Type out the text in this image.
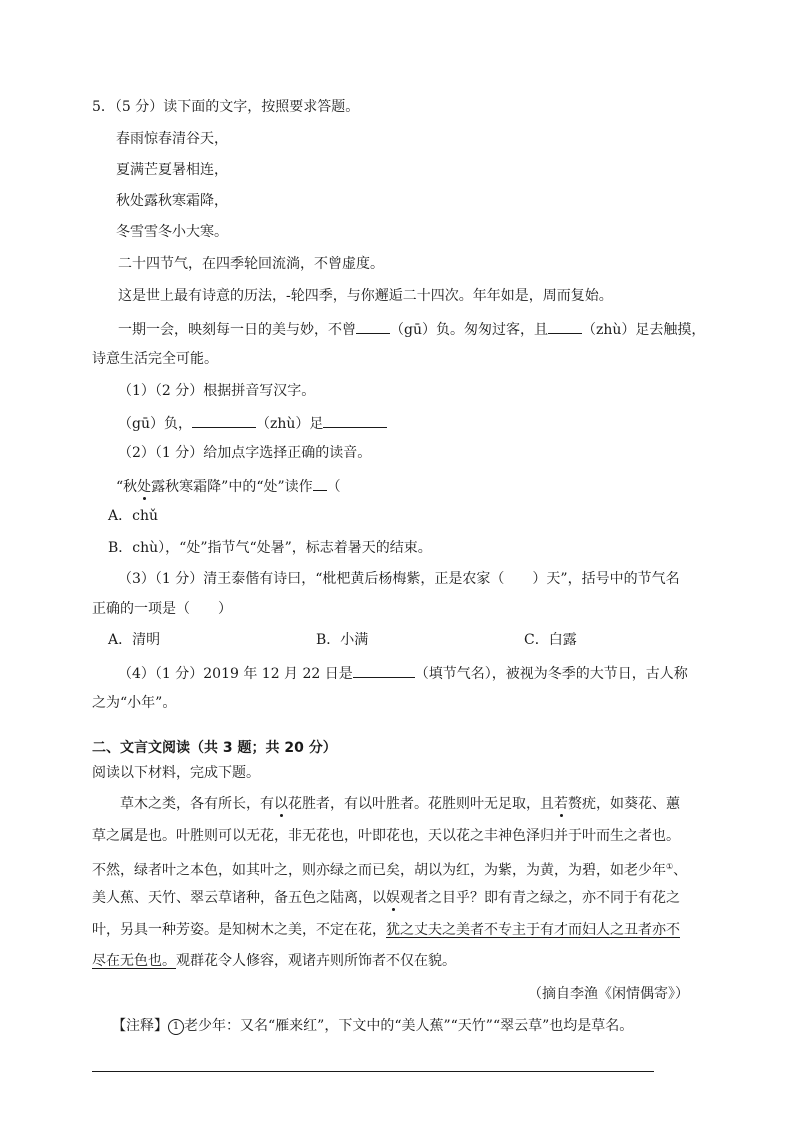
5．（5 分）读下面的文字，按照要求答题。
春雨惊春清谷天，
夏满芒夏暑相连，
秋处露秋寒霜降，
冬雪雪冬小大寒。
二十四节气，在四季轮回流淌，不曾虚度。
这是世上最有诗意的历法，-轮四季，与你邂逅二十四次。年年如是，周而复始。
一期一会，映刻每一日的美与妙，不曾 （gū）负。匆匆过客，且 （zhù）足去触摸，
诗意生活完全可能。
（1）（2 分）根据拼音写汉字。
（gū）负，	（zhù）足
（2）（1 分）给加点字选择正确的读音。
“秋处露秋寒霜降”中的“处”读作 （
A．chǔ
B．chù），“处”指节气“处暑”，标志着暑天的结束。
（3）（1 分）清王泰偕有诗曰，“枇杷黄后杨梅紫，正是农家（　　）天”，括号中的节气名
正确的一项是（　　）
A．清明	B．小满	C．白露
（4）（1 分）2019 年 12 月 22 日是	（填节气名），被视为冬季的大节日，古人称
之为“小年”。
二、文言文阅读（共 3 题；共 20 分）
阅读以下材料，完成下题。
草木之类，各有所长，有以花胜者，有以叶胜者。花胜则叶无足取，且若赘疣，如葵花、蕙
草之属是也。叶胜则可以无花，非无花也，叶即花也，天以花之丰神色泽归并于叶而生之者也。
不然，绿者叶之本色，如其叶之，则亦绿之而已矣，胡以为红，为紫，为黄，为碧，如老少年①、
美人蕉、天竹、翠云草诸种，备五色之陆离，以娱观者之目乎？即有青之绿之，亦不同于有花之
叶，另具一种芳姿。是知树木之美，不定在花，犹之丈夫之美者不专主于有才而妇人之丑者亦不
尽在无色也。观群花令人修容，观诸卉则所饰者不仅在貌。
（摘自李渔《闲情偶寄》）
【注释】 1 老少年：又名“雁来红”，下文中的“美人蕉”“天竹”“翠云草”也均是草名。
